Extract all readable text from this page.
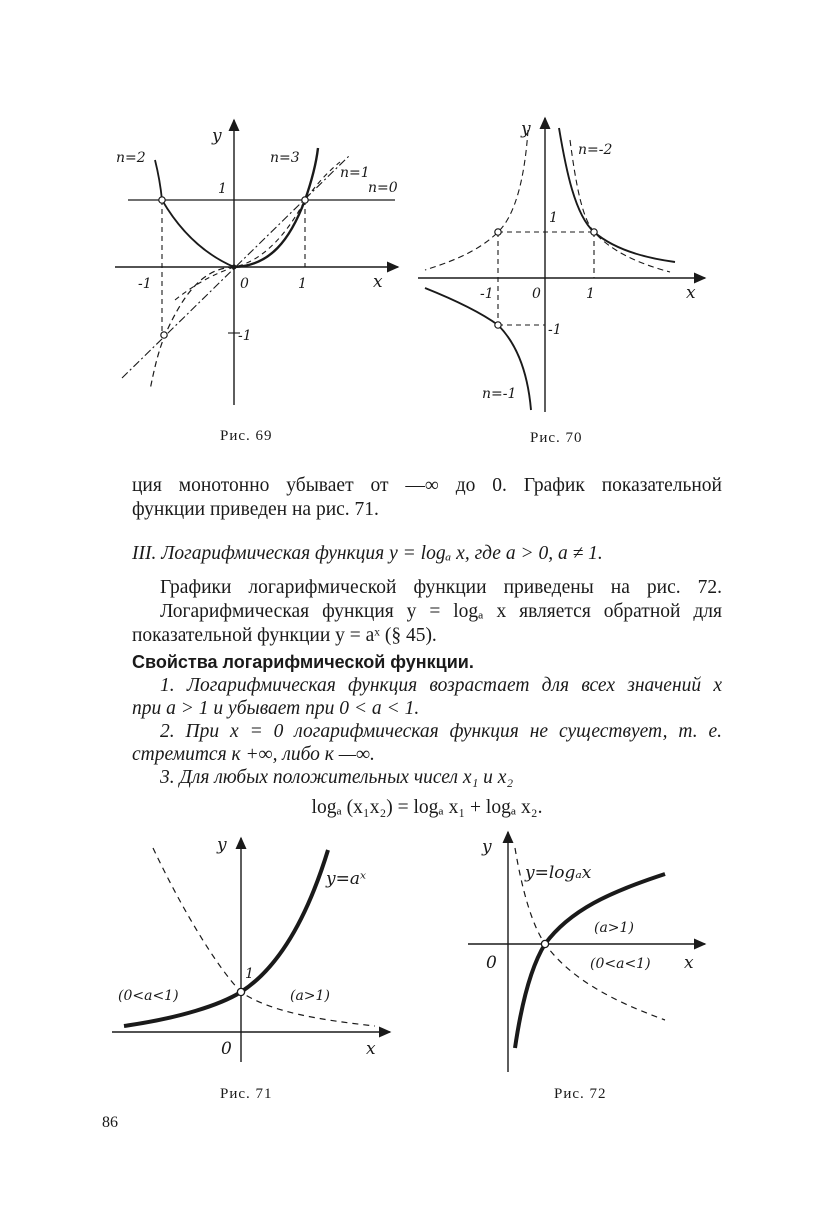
y
x
n=2	n=3
n=1
n=0
1
-1	0	1
-1
Рис. 69
y
x
n=-2
n=-1
1
-1	0	1
-1
Рис. 70
ция монотонно убывает от —∞ до 0. График показательной
функции приведен на рис. 71.
III. Логарифмическая функция y = logₐ x, где a > 0, a ≠ 1.
Графики логарифмической функции приведены на рис. 72.
Логарифмическая функция y = logₐ x является обратной для
показательной функции y = aˣ (§ 45).
Свойства логарифмической функции.
1. Логарифмическая функция возрастает для всех значений x
при a > 1 и убывает при 0 < a < 1.
2. При x = 0 логарифмическая функция не существует, т. е.
стремится к +∞, либо к —∞.
3. Для любых положительных чисел x₁ и x₂
logₐ (x₁x₂) = logₐ x₁ + logₐ x₂.
y
x
y=aˣ
1
0
(0<a<1)	(a>1)
Рис. 71
y
x
y=logₐx
0
(a>1)
(0<a<1)
Рис. 72
86
